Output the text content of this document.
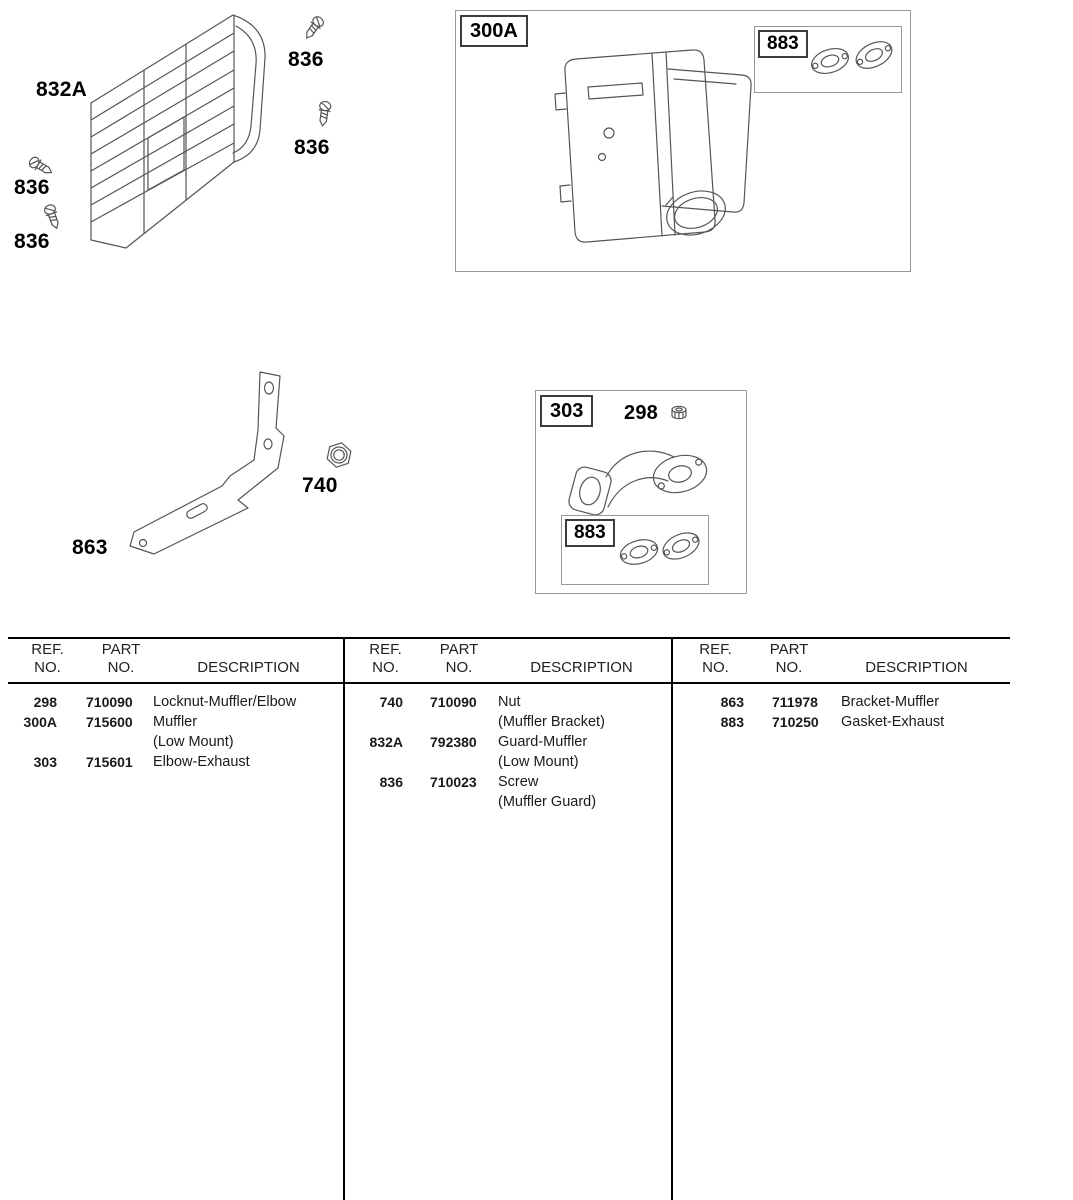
832A
836
836
836
836
300A
883
863
740
303	298
883
REF.
NO.
PART
NO.	DESCRIPTION
REF.
NO.
PART
NO.	DESCRIPTION
REF.
NO.
PART
NO.	DESCRIPTION
298	710090	Locknut-Muffler/Elbow
300A	715600	Muffler
(Low Mount)
303	715601	Elbow-Exhaust
740	710090	Nut
(Muffler Bracket)
832A	792380	Guard-Muffler
(Low Mount)
836	710023	Screw
(Muffler Guard)
863	711978	Bracket-Muffler
883	710250	Gasket-Exhaust
